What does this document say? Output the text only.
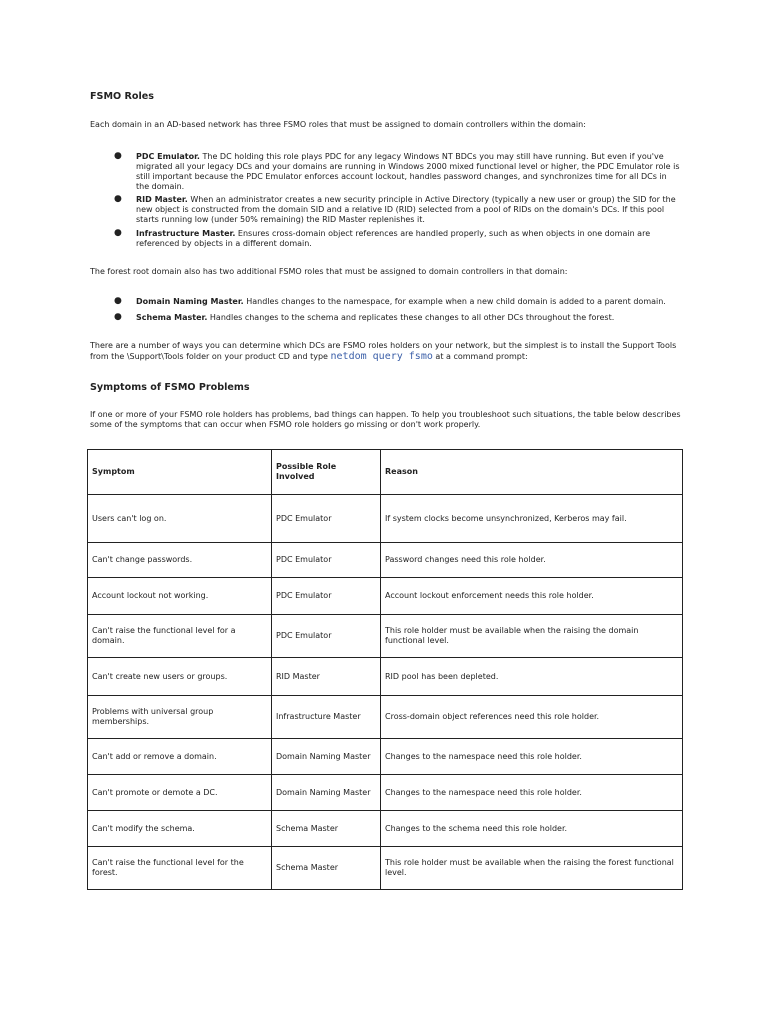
FSMO Roles

Each domain in an AD-based network has three FSMO roles that must be assigned to domain controllers within the domain:

● PDC Emulator. The DC holding this role plays PDC for any legacy Windows NT BDCs you may still have running. But even if you've migrated all your legacy DCs and your domains are running in Windows 2000 mixed functional level or higher, the PDC Emulator role is still important because the PDC Emulator enforces account lockout, handles password changes, and synchronizes time for all DCs in the domain.
● RID Master. When an administrator creates a new security principle in Active Directory (typically a new user or group) the SID for the new object is constructed from the domain SID and a relative ID (RID) selected from a pool of RIDs on the domain's DCs. If this pool starts running low (under 50% remaining) the RID Master replenishes it.
● Infrastructure Master. Ensures cross-domain object references are handled properly, such as when objects in one domain are referenced by objects in a different domain.

The forest root domain also has two additional FSMO roles that must be assigned to domain controllers in that domain:

● Domain Naming Master. Handles changes to the namespace, for example when a new child domain is added to a parent domain.
● Schema Master. Handles changes to the schema and replicates these changes to all other DCs throughout the forest.

There are a number of ways you can determine which DCs are FSMO roles holders on your network, but the simplest is to install the Support Tools from the \Support\Tools folder on your product CD and type netdom query fsmo at a command prompt:

Symptoms of FSMO Problems

If one or more of your FSMO role holders has problems, bad things can happen. To help you troubleshoot such situations, the table below describes some of the symptoms that can occur when FSMO role holders go missing or don't work properly.

Symptom	Possible Role Involved	Reason
Users can't log on.	PDC Emulator	If system clocks become unsynchronized, Kerberos may fail.
Can't change passwords.	PDC Emulator	Password changes need this role holder.
Account lockout not working.	PDC Emulator	Account lockout enforcement needs this role holder.
Can't raise the functional level for a domain.	PDC Emulator	This role holder must be available when the raising the domain functional level.
Can't create new users or groups.	RID Master	RID pool has been depleted.
Problems with universal group memberships.	Infrastructure Master	Cross-domain object references need this role holder.
Can't add or remove a domain.	Domain Naming Master	Changes to the namespace need this role holder.
Can't promote or demote a DC.	Domain Naming Master	Changes to the namespace need this role holder.
Can't modify the schema.	Schema Master	Changes to the schema need this role holder.
Can't raise the functional level for the forest.	Schema Master	This role holder must be available when the raising the forest functional level.
